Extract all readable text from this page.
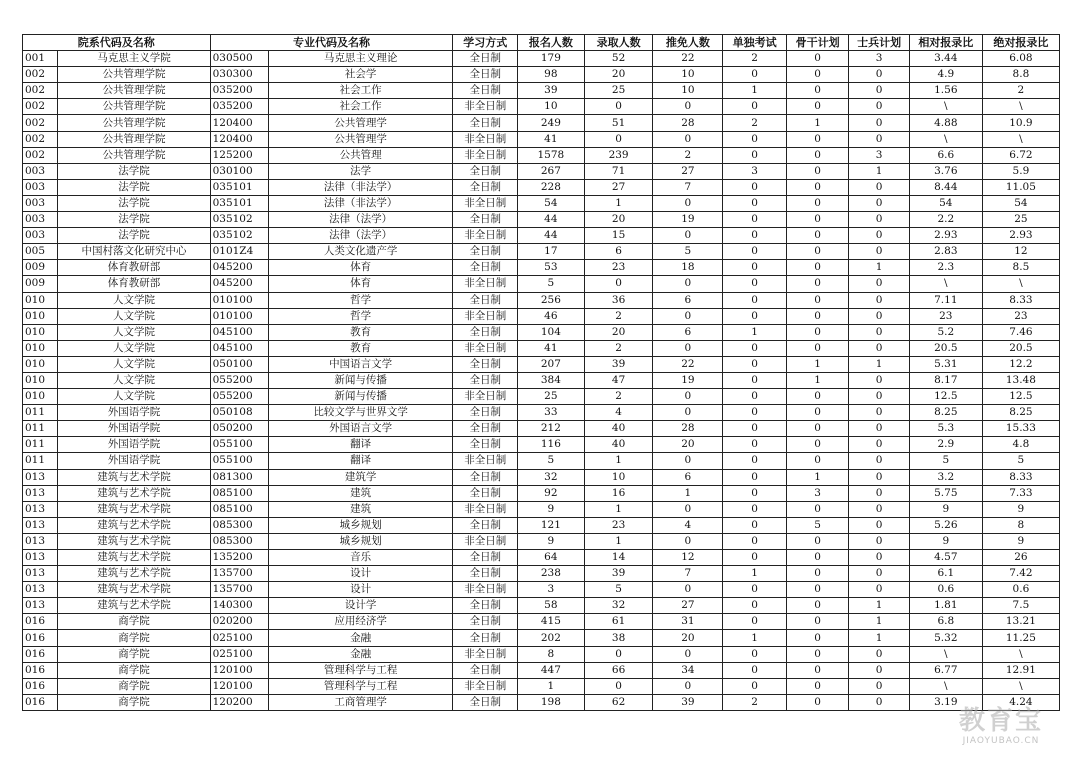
院系代码及名称		专业代码及名称		学习方式	报名人数	录取人数	推免人数	单独考试	骨干计划	士兵计划	相对报录比	绝对报录比
001	马克思主义学院	030500	马克思主义理论	全日制	179	52	22	2	0	3	3.44	6.08
002	公共管理学院	030300	社会学	全日制	98	20	10	0	0	0	4.9	8.8
002	公共管理学院	035200	社会工作	全日制	39	25	10	1	0	0	1.56	2
002	公共管理学院	035200	社会工作	非全日制	10	0	0	0	0	0	\	\
002	公共管理学院	120400	公共管理学	全日制	249	51	28	2	1	0	4.88	10.9
002	公共管理学院	120400	公共管理学	非全日制	41	0	0	0	0	0	\	\
002	公共管理学院	125200	公共管理	非全日制	1578	239	2	0	0	3	6.6	6.72
003	法学院	030100	法学	全日制	267	71	27	3	0	1	3.76	5.9
003	法学院	035101	法律（非法学）	全日制	228	27	7	0	0	0	8.44	11.05
003	法学院	035101	法律（非法学）	非全日制	54	1	0	0	0	0	54	54
003	法学院	035102	法律（法学）	全日制	44	20	19	0	0	0	2.2	25
003	法学院	035102	法律（法学）	非全日制	44	15	0	0	0	0	2.93	2.93
005	中国村落文化研究中心	0101Z4	人类文化遗产学	全日制	17	6	5	0	0	0	2.83	12
009	体育教研部	045200	体育	全日制	53	23	18	0	0	1	2.3	8.5
009	体育教研部	045200	体育	非全日制	5	0	0	0	0	0	\	\
010	人文学院	010100	哲学	全日制	256	36	6	0	0	0	7.11	8.33
010	人文学院	010100	哲学	非全日制	46	2	0	0	0	0	23	23
010	人文学院	045100	教育	全日制	104	20	6	1	0	0	5.2	7.46
010	人文学院	045100	教育	非全日制	41	2	0	0	0	0	20.5	20.5
010	人文学院	050100	中国语言文学	全日制	207	39	22	0	1	1	5.31	12.2
010	人文学院	055200	新闻与传播	全日制	384	47	19	0	1	0	8.17	13.48
010	人文学院	055200	新闻与传播	非全日制	25	2	0	0	0	0	12.5	12.5
011	外国语学院	050108	比较文学与世界文学	全日制	33	4	0	0	0	0	8.25	8.25
011	外国语学院	050200	外国语言文学	全日制	212	40	28	0	0	0	5.3	15.33
011	外国语学院	055100	翻译	全日制	116	40	20	0	0	0	2.9	4.8
011	外国语学院	055100	翻译	非全日制	5	1	0	0	0	0	5	5
013	建筑与艺术学院	081300	建筑学	全日制	32	10	6	0	1	0	3.2	8.33
013	建筑与艺术学院	085100	建筑	全日制	92	16	1	0	3	0	5.75	7.33
013	建筑与艺术学院	085100	建筑	非全日制	9	1	0	0	0	0	9	9
013	建筑与艺术学院	085300	城乡规划	全日制	121	23	4	0	5	0	5.26	8
013	建筑与艺术学院	085300	城乡规划	非全日制	9	1	0	0	0	0	9	9
013	建筑与艺术学院	135200	音乐	全日制	64	14	12	0	0	0	4.57	26
013	建筑与艺术学院	135700	设计	全日制	238	39	7	1	0	0	6.1	7.42
013	建筑与艺术学院	135700	设计	非全日制	3	5	0	0	0	0	0.6	0.6
013	建筑与艺术学院	140300	设计学	全日制	58	32	27	0	0	1	1.81	7.5
016	商学院	020200	应用经济学	全日制	415	61	31	0	0	1	6.8	13.21
016	商学院	025100	金融	全日制	202	38	20	1	0	1	5.32	11.25
016	商学院	025100	金融	非全日制	8	0	0	0	0	0	\	\
016	商学院	120100	管理科学与工程	全日制	447	66	34	0	0	0	6.77	12.91
016	商学院	120100	管理科学与工程	非全日制	1	0	0	0	0	0	\	\
016	商学院	120200	工商管理学	全日制	198	62	39	2	0	0	3.19	4.24
教育宝
JIAOYUBAO.CN
